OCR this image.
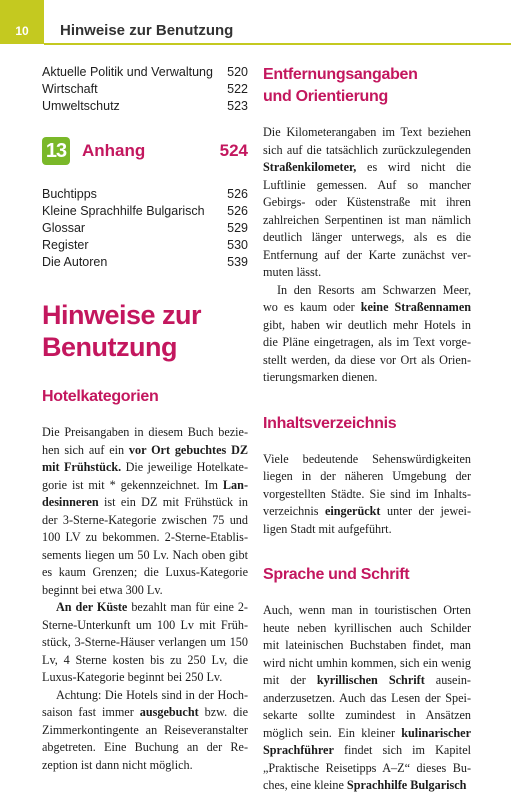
10 Hinweise zur Benutzung
Aktuelle Politik und Verwaltung 520
Wirtschaft	522
Umweltschutz	523
13 Anhang	524
Buchtipps	526
Kleine Sprachhilfe Bulgarisch 526
Glossar	529
Register	530
Die Autoren	539
Hinweise zur
Benutzung
Hotelkategorien

Die Preisangaben in diesem Buch beziehen sich auf ein vor Ort gebuchtes DZ mit Frühstück. Die jeweilige Hotelkategorie ist mit * gekennzeichnet. Im Landesinneren ist ein DZ mit Frühstück in der 3-Sterne-Kategorie zwischen 75 und 100 LV zu bekommen. 2-Sterne-Etablissements liegen um 50 Lv. Nach oben gibt es kaum Grenzen; die Luxus-Kategorie beginnt bei etwa 300 Lv.

An der Küste bezahlt man für eine 2-Sterne-Unterkunft um 100 Lv mit Frühstück, 3-Sterne-Häuser verlangen um 150 Lv, 4 Sterne kosten bis zu 250 Lv, die Luxus-Kategorie beginnt bei 250 Lv.

Achtung: Die Hotels sind in der Hochsaison fast immer ausgebucht bzw. die Zimmerkontingente an Reiseveranstalter abgetreten. Eine Buchung an der Rezeption ist dann nicht möglich.

Entfernungsangaben
und Orientierung

Die Kilometerangaben im Text beziehen sich auf die tatsächlich zurückzulegenden Straßenkilometer, es wird nicht die Luftlinie gemessen. Auf so mancher Gebirgs- oder Küstenstraße mit ihren zahlreichen Serpentinen ist man nämlich deutlich länger unterwegs, als es die Entfernung auf der Karte zunächst vermuten lässt.

In den Resorts am Schwarzen Meer, wo es kaum oder keine Straßennamen gibt, haben wir deutlich mehr Hotels in die Pläne eingetragen, als im Text vorgestellt werden, da diese vor Ort als Orientierungsmarken dienen.

Inhaltsverzeichnis

Viele bedeutende Sehenswürdigkeiten liegen in der näheren Umgebung der vorgestellten Städte. Sie sind im Inhaltsverzeichnis eingerückt unter der jeweiligen Stadt mit aufgeführt.

Sprache und Schrift

Auch, wenn man in touristischen Orten heute neben kyrillischen auch Schilder mit lateinischen Buchstaben findet, man wird nicht umhin kommen, sich ein wenig mit der kyrillischen Schrift auseinanderzusetzen. Auch das Lesen der Speisekarte sollte zumindest in Ansätzen möglich sein. Ein kleiner kulinarischer Sprachführer findet sich im Kapitel „Praktische Reisetipps A–Z“ dieses Buches, eine kleine Sprachhilfe Bulgarisch
